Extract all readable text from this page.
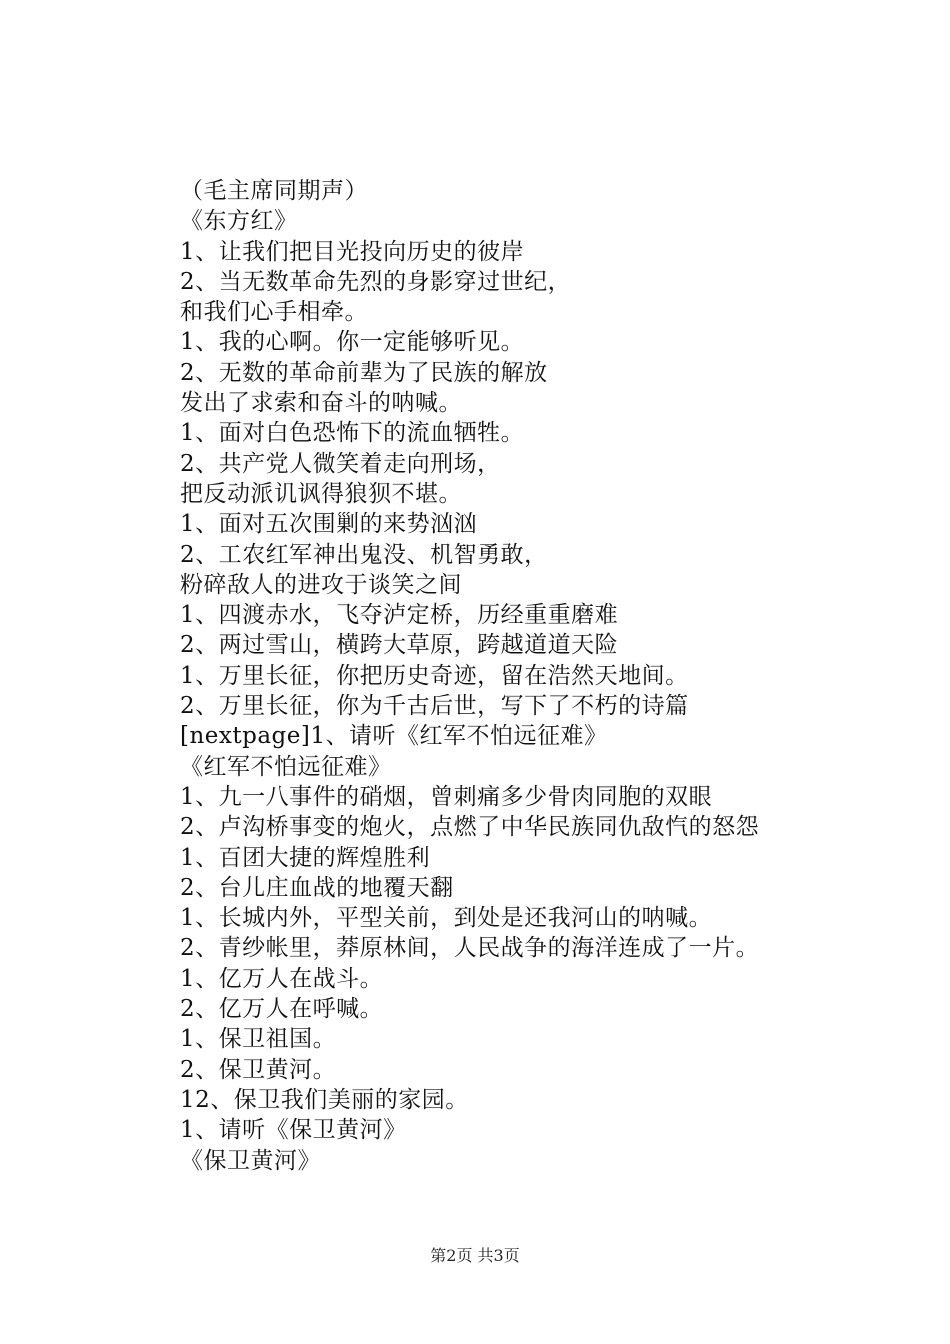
（毛主席同期声）
《东方红》
1、让我们把目光投向历史的彼岸
2、当无数革命先烈的身影穿过世纪，
和我们心手相牵。
1、我的心啊。你一定能够听见。
2、无数的革命前辈为了民族的解放
发出了求索和奋斗的呐喊。
1、面对白色恐怖下的流血牺牲。
2、共产党人微笑着走向刑场，
把反动派讥讽得狼狈不堪。
1、面对五次围剿的来势汹汹
2、工农红军神出鬼没、机智勇敢，
粉碎敌人的进攻于谈笑之间
1、四渡赤水，飞夺泸定桥，历经重重磨难
2、两过雪山，横跨大草原，跨越道道天险
1、万里长征，你把历史奇迹，留在浩然天地间。
2、万里长征，你为千古后世，写下了不朽的诗篇
[nextpage]1、请听《红军不怕远征难》
《红军不怕远征难》
1、九一八事件的硝烟，曾刺痛多少骨肉同胞的双眼
2、卢沟桥事变的炮火，点燃了中华民族同仇敌忾的怒怨
1、百团大捷的辉煌胜利
2、台儿庄血战的地覆天翻
1、长城内外，平型关前，到处是还我河山的呐喊。
2、青纱帐里，莽原林间，人民战争的海洋连成了一片。
1、亿万人在战斗。
2、亿万人在呼喊。
1、保卫祖国。
2、保卫黄河。
12、保卫我们美丽的家园。
1、请听《保卫黄河》
《保卫黄河》
第2页 共3页
